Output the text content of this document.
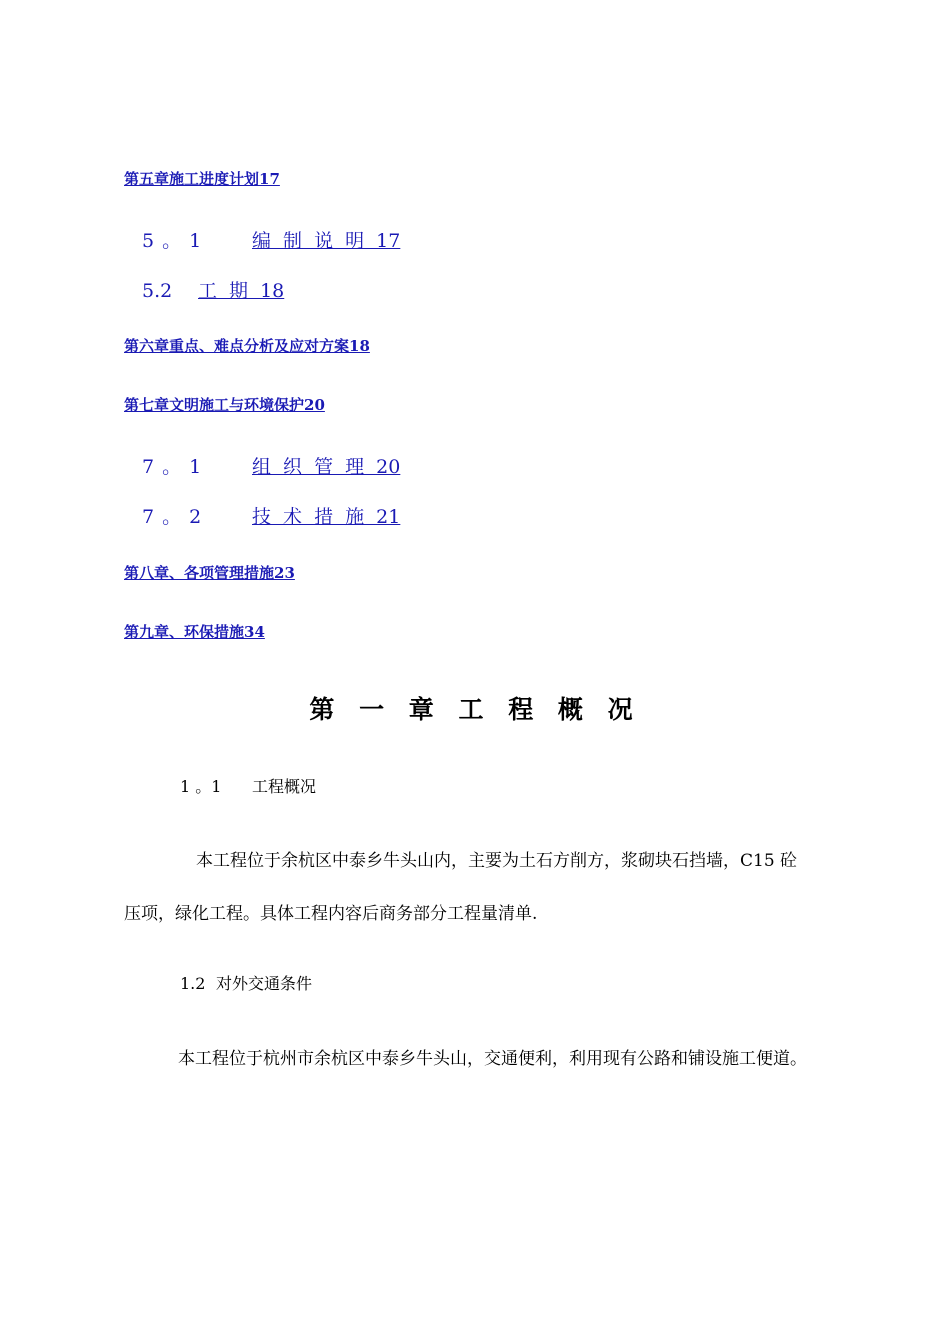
第五章施工进度计划17
5 。 1	编 制 说 明 17
5.2 工 期 18
第六章重点、难点分析及应对方案18
第七章文明施工与环境保护20
7 。 1	组 织 管 理 20
7 。 2	技 术 措 施 21
第八章、各项管理措施23
第九章、环保措施34
第 一 章 工 程 概 况
1 。1 工程概况
本工程位于余杭区中泰乡牛头山内，主要为土石方削方，浆砌块石挡墙，C15 砼
压项，绿化工程。具体工程内容后商务部分工程量清单.
1.2 对外交通条件
本工程位于杭州市余杭区中泰乡牛头山，交通便利，利用现有公路和铺设施工便道。
